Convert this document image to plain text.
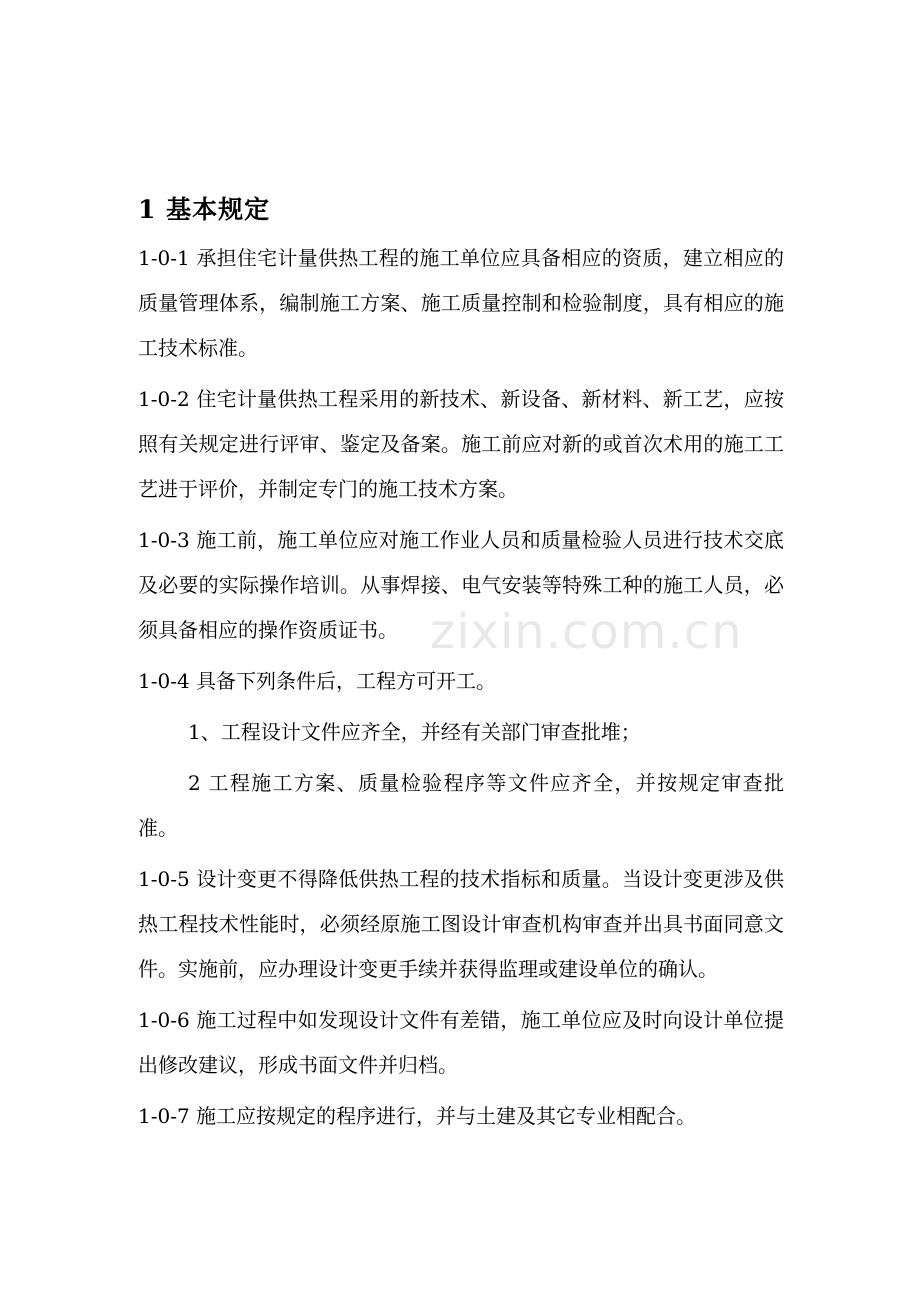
1 基本规定

1-0-1 承担住宅计量供热工程的施工单位应具备相应的资质，建立相应的质量管理体系，编制施工方案、施工质量控制和检验制度，具有相应的施工技术标准。

1-0-2 住宅计量供热工程采用的新技术、新设备、新材料、新工艺，应按照有关规定进行评审、鉴定及备案。施工前应对新的或首次术用的施工工艺进于评价，并制定专门的施工技术方案。

1-0-3 施工前，施工单位应对施工作业人员和质量检验人员进行技术交底及必要的实际操作培训。从事焊接、电气安装等特殊工种的施工人员，必须具备相应的操作资质证书。

1-0-4 具备下列条件后，工程方可开工。

1、工程设计文件应齐全，并经有关部门审查批堆；

2 工程施工方案、质量检验程序等文件应齐全，并按规定审查批准。

1-0-5 设计变更不得降低供热工程的技术指标和质量。当设计变更涉及供热工程技术性能时，必须经原施工图设计审查机构审查并出具书面同意文件。实施前，应办理设计变更手续并获得监理或建设单位的确认。

1-0-6 施工过程中如发现设计文件有差错，施工单位应及时向设计单位提出修改建议，形成书面文件并归档。

1-0-7 施工应按规定的程序进行，并与土建及其它专业相配合。

zixin.com.cn
